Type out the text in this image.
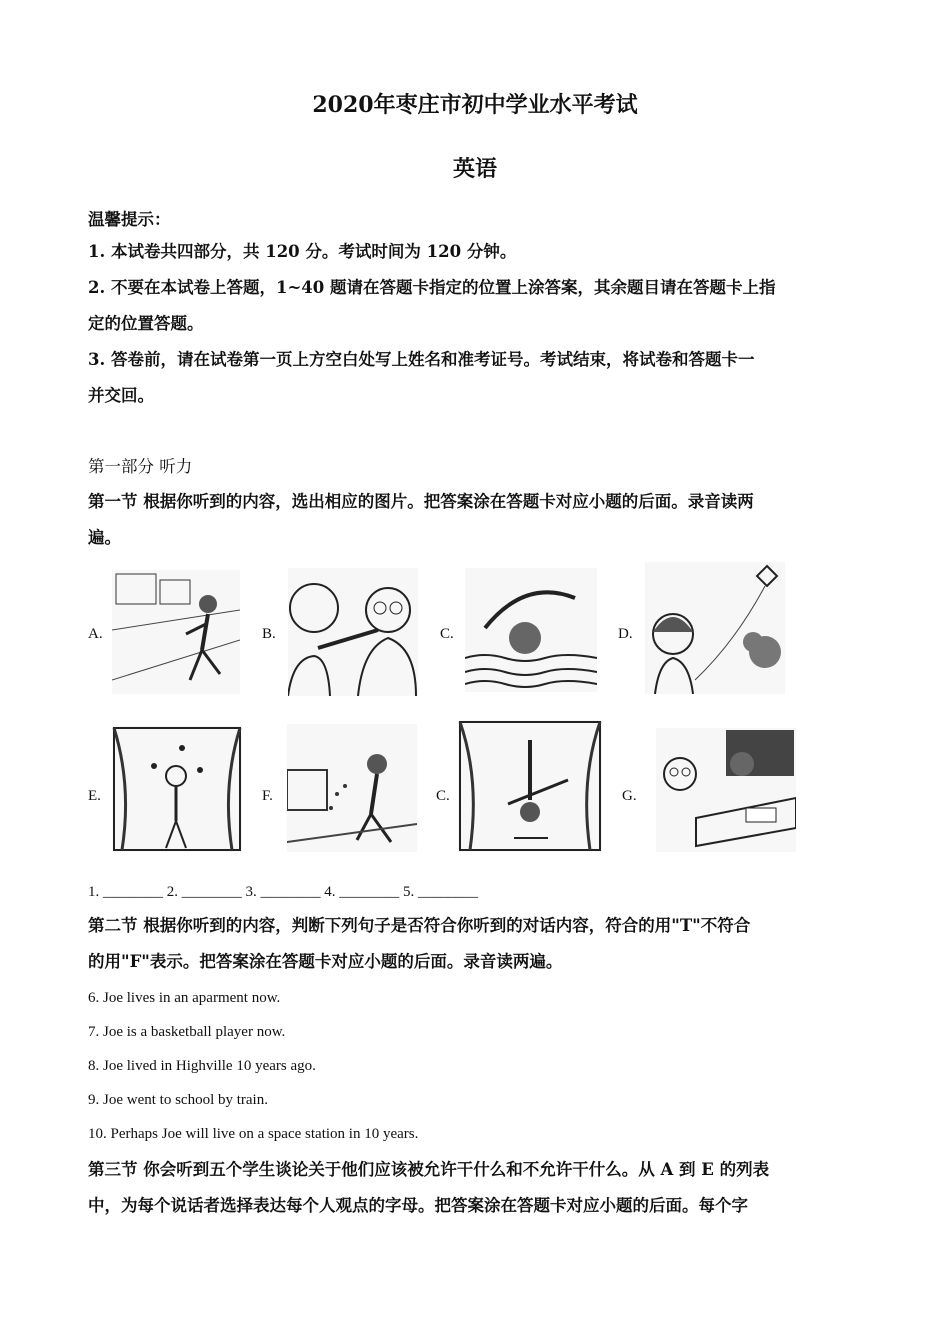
2020年枣庄市初中学业水平考试
英语
温馨提示：
1. 本试卷共四部分，共 120 分。考试时间为 120 分钟。
2. 不要在本试卷上答题，1~40 题请在答题卡指定的位置上涂答案，其余题目请在答题卡上指
定的位置答题。
3. 答卷前，请在试卷第一页上方空白处写上姓名和准考证号。考试结束，将试卷和答题卡一
并交回。
第一部分 听力
第一节 根据你听到的内容，选出相应的图片。把答案涂在答题卡对应小题的后面。录音读两
遍。
A.	B.	C.	D.
E.	F.	C.	G.
1. ________ 2. ________ 3. ________ 4. ________ 5. ________
第二节 根据你听到的内容，判断下列句子是否符合你听到的对话内容，符合的用"T"不符合
的用"F"表示。把答案涂在答题卡对应小题的后面。录音读两遍。
6. Joe lives in an aparment now.
7. Joe is a basketball player now.
8. Joe lived in Highville 10 years ago.
9. Joe went to school by train.
10. Perhaps Joe will live on a space station in 10 years.
第三节 你会听到五个学生谈论关于他们应该被允许干什么和不允许干什么。从 A 到 E 的列表
中，为每个说话者选择表达每个人观点的字母。把答案涂在答题卡对应小题的后面。每个字
